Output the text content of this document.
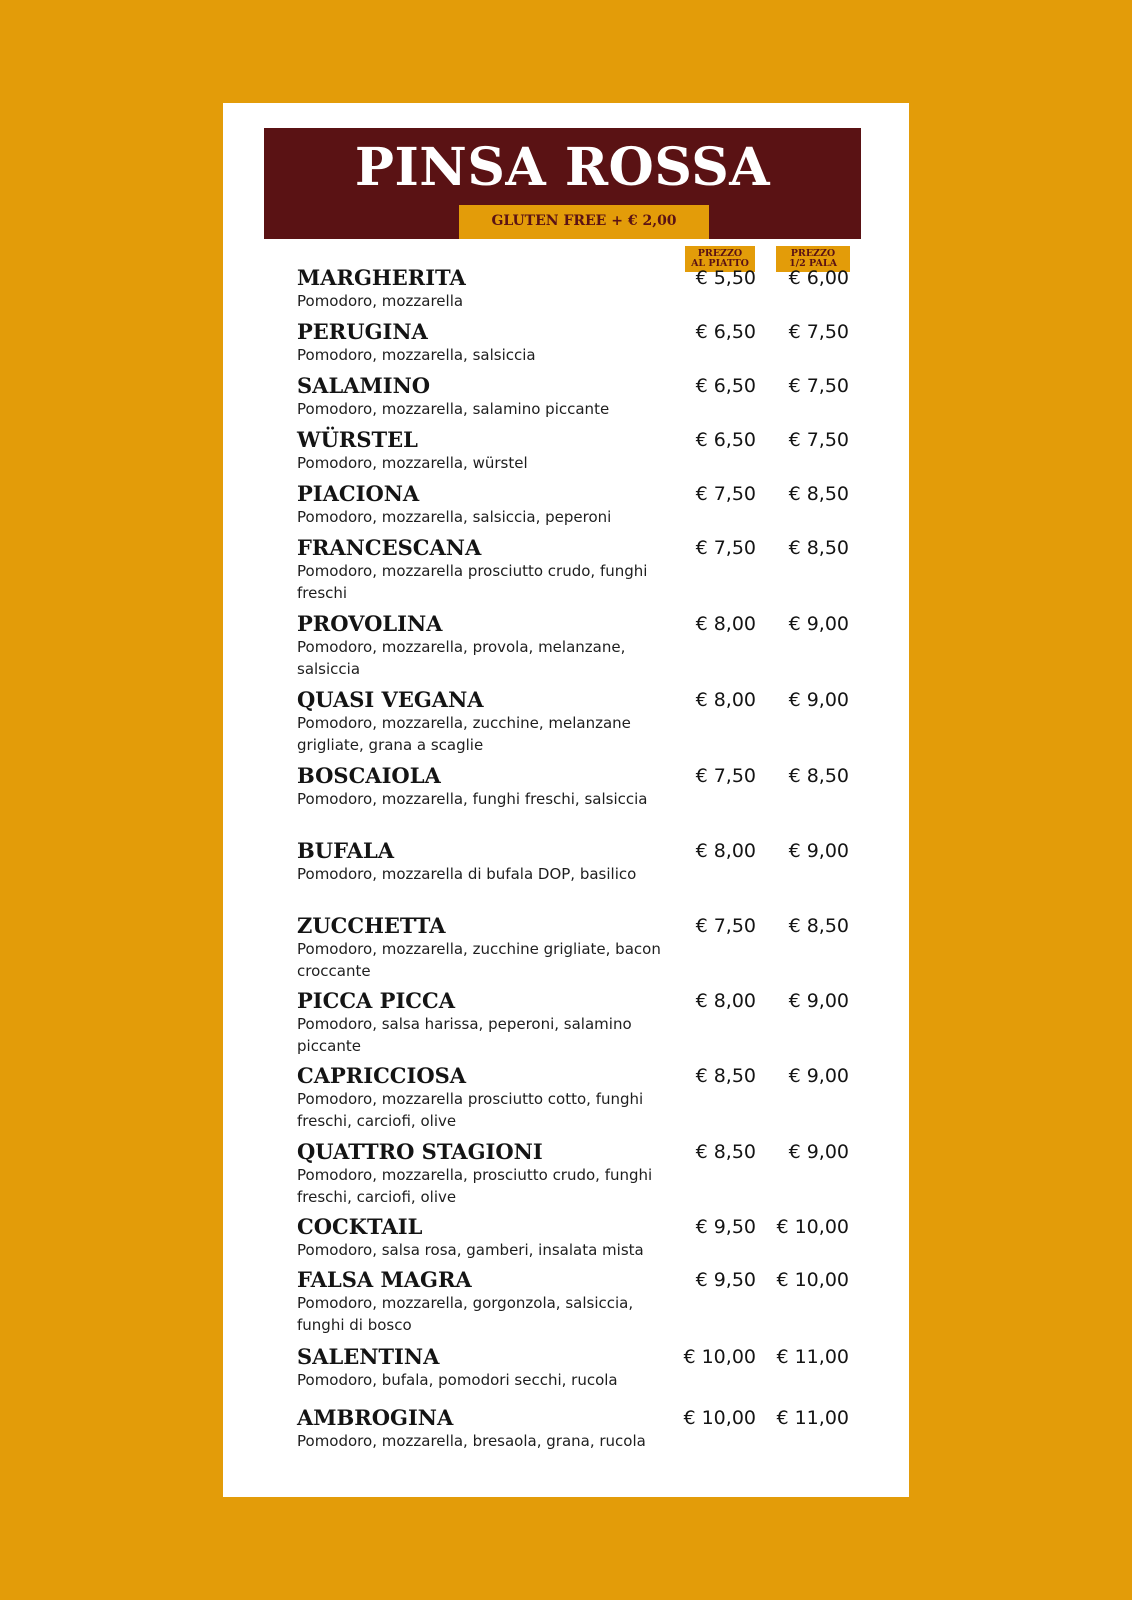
PINSA ROSSA
GLUTEN FREE + € 2,00
PREZZO
AL PIATTO
PREZZO
1/2 PALA
MARGHERITA
Pomodoro, mozzarella
€ 5,50 € 6,00
PERUGINA
Pomodoro, mozzarella, salsiccia
€ 6,50 € 7,50
SALAMINO
Pomodoro, mozzarella, salamino piccante
€ 6,50 € 7,50
WÜRSTEL
Pomodoro, mozzarella, würstel
€ 6,50 € 7,50
PIACIONA
Pomodoro, mozzarella, salsiccia, peperoni
€ 7,50 € 8,50
FRANCESCANA
Pomodoro, mozzarella prosciutto crudo, funghi freschi
€ 7,50 € 8,50
PROVOLINA
Pomodoro, mozzarella, provola, melanzane, salsiccia
€ 8,00 € 9,00
QUASI VEGANA
Pomodoro, mozzarella, zucchine, melanzane grigliate, grana a scaglie
€ 8,00 € 9,00
BOSCAIOLA
Pomodoro, mozzarella, funghi freschi, salsiccia
€ 7,50 € 8,50
BUFALA
Pomodoro, mozzarella di bufala DOP, basilico
€ 8,00 € 9,00
ZUCCHETTA
Pomodoro, mozzarella, zucchine grigliate, bacon croccante
€ 7,50 € 8,50
PICCA PICCA
Pomodoro, salsa harissa, peperoni, salamino piccante
€ 8,00 € 9,00
CAPRICCIOSA
Pomodoro, mozzarella prosciutto cotto, funghi freschi, carciofi, olive
€ 8,50 € 9,00
QUATTRO STAGIONI
Pomodoro, mozzarella, prosciutto crudo, funghi freschi, carciofi, olive
€ 8,50 € 9,00
COCKTAIL
Pomodoro, salsa rosa, gamberi, insalata mista
€ 9,50 € 10,00
FALSA MAGRA
Pomodoro, mozzarella, gorgonzola, salsiccia, funghi di bosco
€ 9,50 € 10,00
SALENTINA
Pomodoro, bufala, pomodori secchi, rucola
€ 10,00 € 11,00
AMBROGINA
Pomodoro, mozzarella, bresaola, grana, rucola
€ 10,00 € 11,00
